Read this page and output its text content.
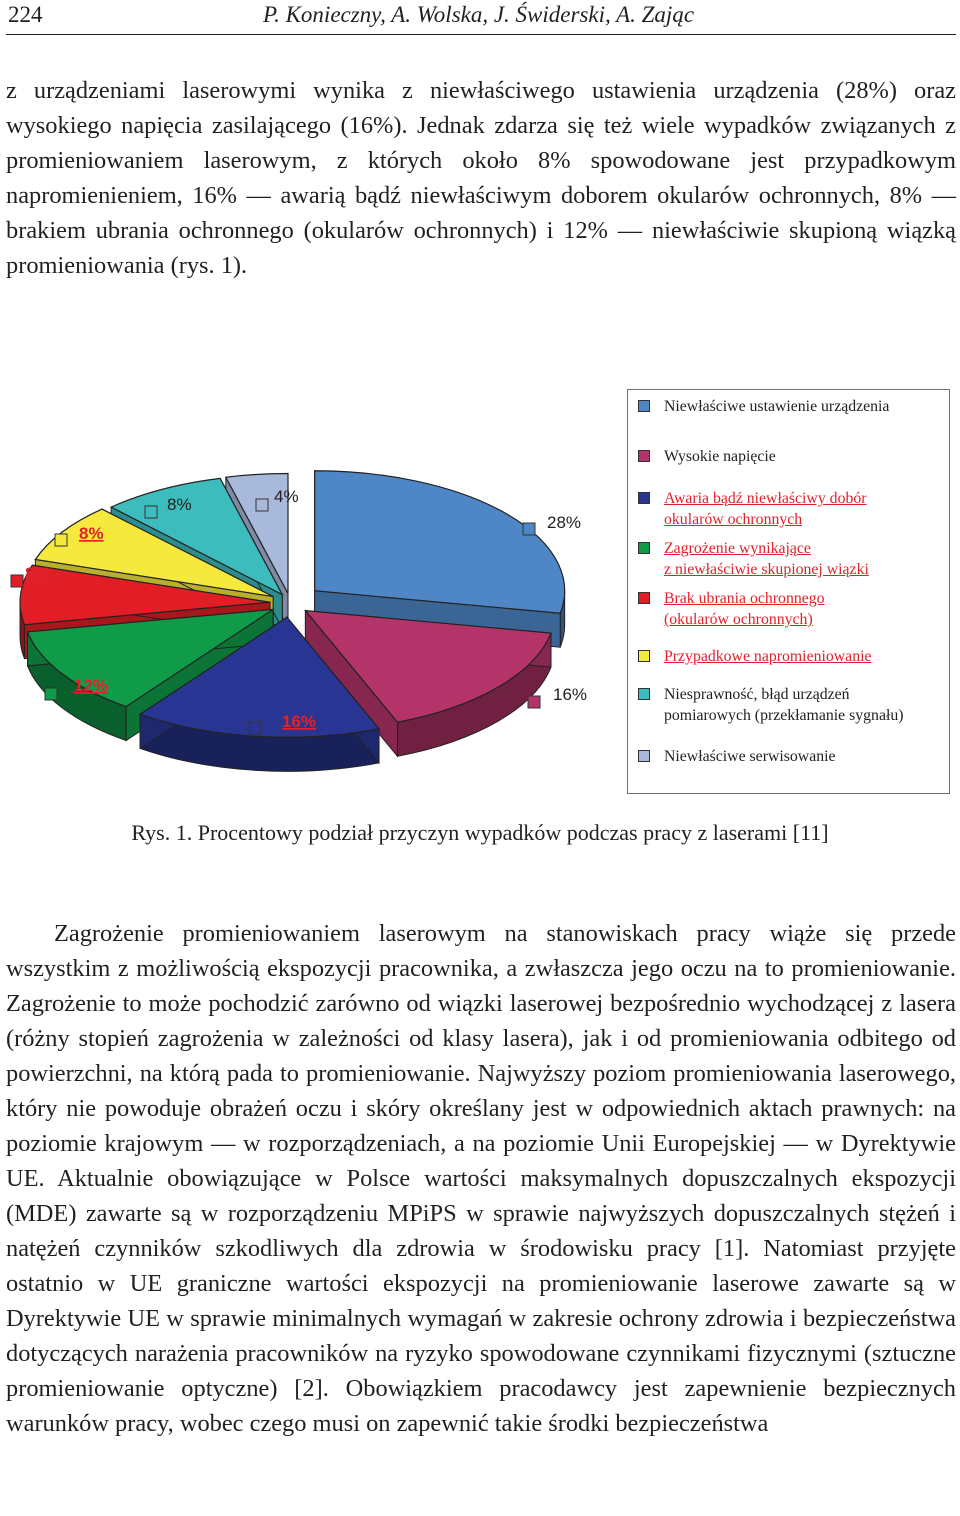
224	P. Konieczny, A. Wolska, J. Świderski, A. Zając

z urządzeniami laserowymi wynika z niewłaściwego ustawienia urządzenia (28%) oraz wysokiego napięcia zasilającego (16%). Jednak zdarza się też wiele wypadków związanych z promieniowaniem laserowym, z których około 8% spowodowane jest przypadkowym napromienieniem, 16% — awarią bądź niewłaściwym doborem okularów ochronnych, 8% — brakiem ubrania ochronnego (okularów ochronnych) i 12% — niewłaściwie skupioną wiązką promieniowania (rys. 1).

28%
16%
16%
12%
8%
8%
8%	4%
Niewłaściwe ustawienie urządzenia
Wysokie napięcie
Awaria bądź niewłaściwy dobór
okularów ochronnych
Zagrożenie wynikające
z niewłaściwie skupionej wiązki
Brak ubrania ochronnego
(okularów ochronnych)
Przypadkowe napromieniowanie
Niesprawność, błąd urządzeń
pomiarowych (przekłamanie sygnału)
Niewłaściwe serwisowanie
Rys. 1. Procentowy podział przyczyn wypadków podczas pracy z laserami [11]

Zagrożenie promieniowaniem laserowym na stanowiskach pracy wiąże się przede wszystkim z możliwością ekspozycji pracownika, a zwłaszcza jego oczu na to promieniowanie. Zagrożenie to może pochodzić zarówno od wiązki laserowej bezpośrednio wychodzącej z lasera (różny stopień zagrożenia w zależności od klasy lasera), jak i od promieniowania odbitego od powierzchni, na którą pada to promieniowanie. Najwyższy poziom promieniowania laserowego, który nie powoduje obrażeń oczu i skóry określany jest w odpowiednich aktach prawnych: na poziomie krajowym — w rozporządzeniach, a na poziomie Unii Europejskiej — w Dyrektywie UE. Aktualnie obowiązujące w Polsce wartości maksymalnych dopuszczalnych ekspozycji (MDE) zawarte są w rozporządzeniu MPiPS w sprawie najwyższych dopuszczalnych stężeń i natężeń czynników szkodliwych dla zdrowia w środowisku pracy [1]. Natomiast przyjęte ostatnio w UE graniczne wartości ekspozycji na promieniowanie laserowe zawarte są w Dyrektywie UE w sprawie minimalnych wymagań w zakresie ochrony zdrowia i bezpieczeństwa dotyczących narażenia pracowników na ryzyko spowodowane czynnikami fizycznymi (sztuczne promieniowanie optyczne) [2]. Obowiązkiem pracodawcy jest zapewnienie bezpiecznych warunków pracy, wobec czego musi on zapewnić takie środki bezpieczeństwa
